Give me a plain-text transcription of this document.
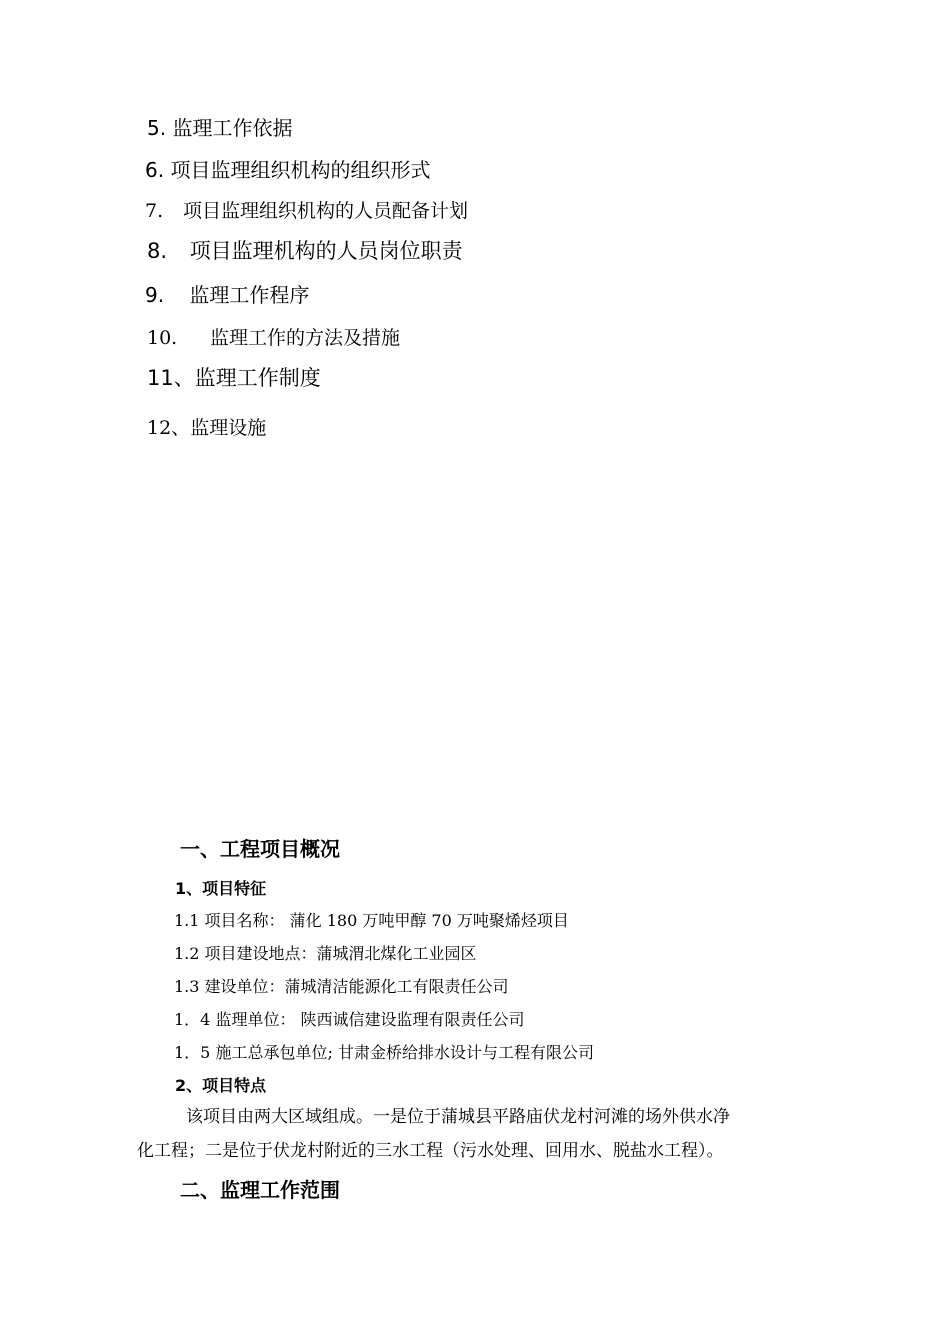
5. 监理工作依据
6. 项目监理组织机构的组织形式
7. 项目监理组织机构的人员配备计划
8. 项目监理机构的人员岗位职责
9. 监理工作程序
10. 监理工作的方法及措施
11、监理工作制度
12、监理设施
一、工程项目概况
1、项目特征
1.1 项目名称： 蒲化 180 万吨甲醇 70 万吨聚烯烃项目
1.2 项目建设地点：蒲城渭北煤化工业园区
1.3 建设单位：蒲城清洁能源化工有限责任公司
1．4 监理单位： 陕西诚信建设监理有限责任公司
1．5 施工总承包单位; 甘肃金桥给排水设计与工程有限公司
2、项目特点
该项目由两大区域组成。一是位于蒲城县平路庙伏龙村河滩的场外供水净
化工程；二是位于伏龙村附近的三水工程（污水处理、回用水、脱盐水工程）。
二、监理工作范围
